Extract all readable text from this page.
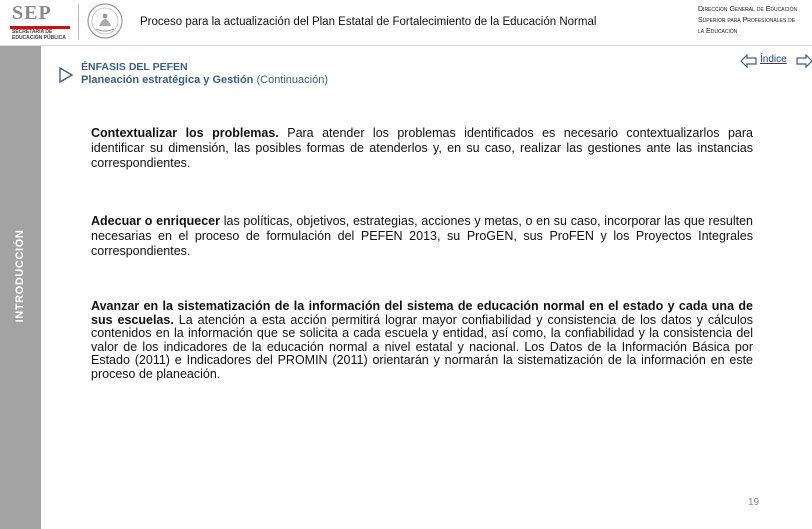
SEP
SECRETARÍA DE EDUCACIÓN PÚBLICA
Proceso para la actualización del Plan Estatal de Fortalecimiento de la Educación Normal
Dirección General de Educación Superior para Profesionales de la Educación
INTRODUCCIÓN
ÉNFASIS DEL PEFEN
Planeación estratégica y Gestión (Continuación)
Índice

Contextualizar los problemas. Para atender los problemas identificados es necesario contextualizarlos para identificar su dimensión, las posibles formas de atenderlos y, en su caso, realizar las gestiones ante las instancias correspondientes.

Adecuar o enriquecer las políticas, objetivos, estrategias, acciones y metas, o en su caso, incorporar las que resulten necesarias en el proceso de formulación del PEFEN 2013, su ProGEN, sus ProFEN y los Proyectos Integrales correspondientes.

Avanzar en la sistematización de la información del sistema de educación normal en el estado y cada una de sus escuelas. La atención a esta acción permitirá lograr mayor confiabilidad y consistencia de los datos y cálculos contenidos en la información que se solicita a cada escuela y entidad, así como, la confiabilidad y la consistencia del valor de los indicadores de la educación normal a nivel estatal y nacional. Los Datos de la Información Básica por Estado (2011) e Indicadores del PROMIN (2011) orientarán y normarán la sistematización de la información en este proceso de planeación.

19
